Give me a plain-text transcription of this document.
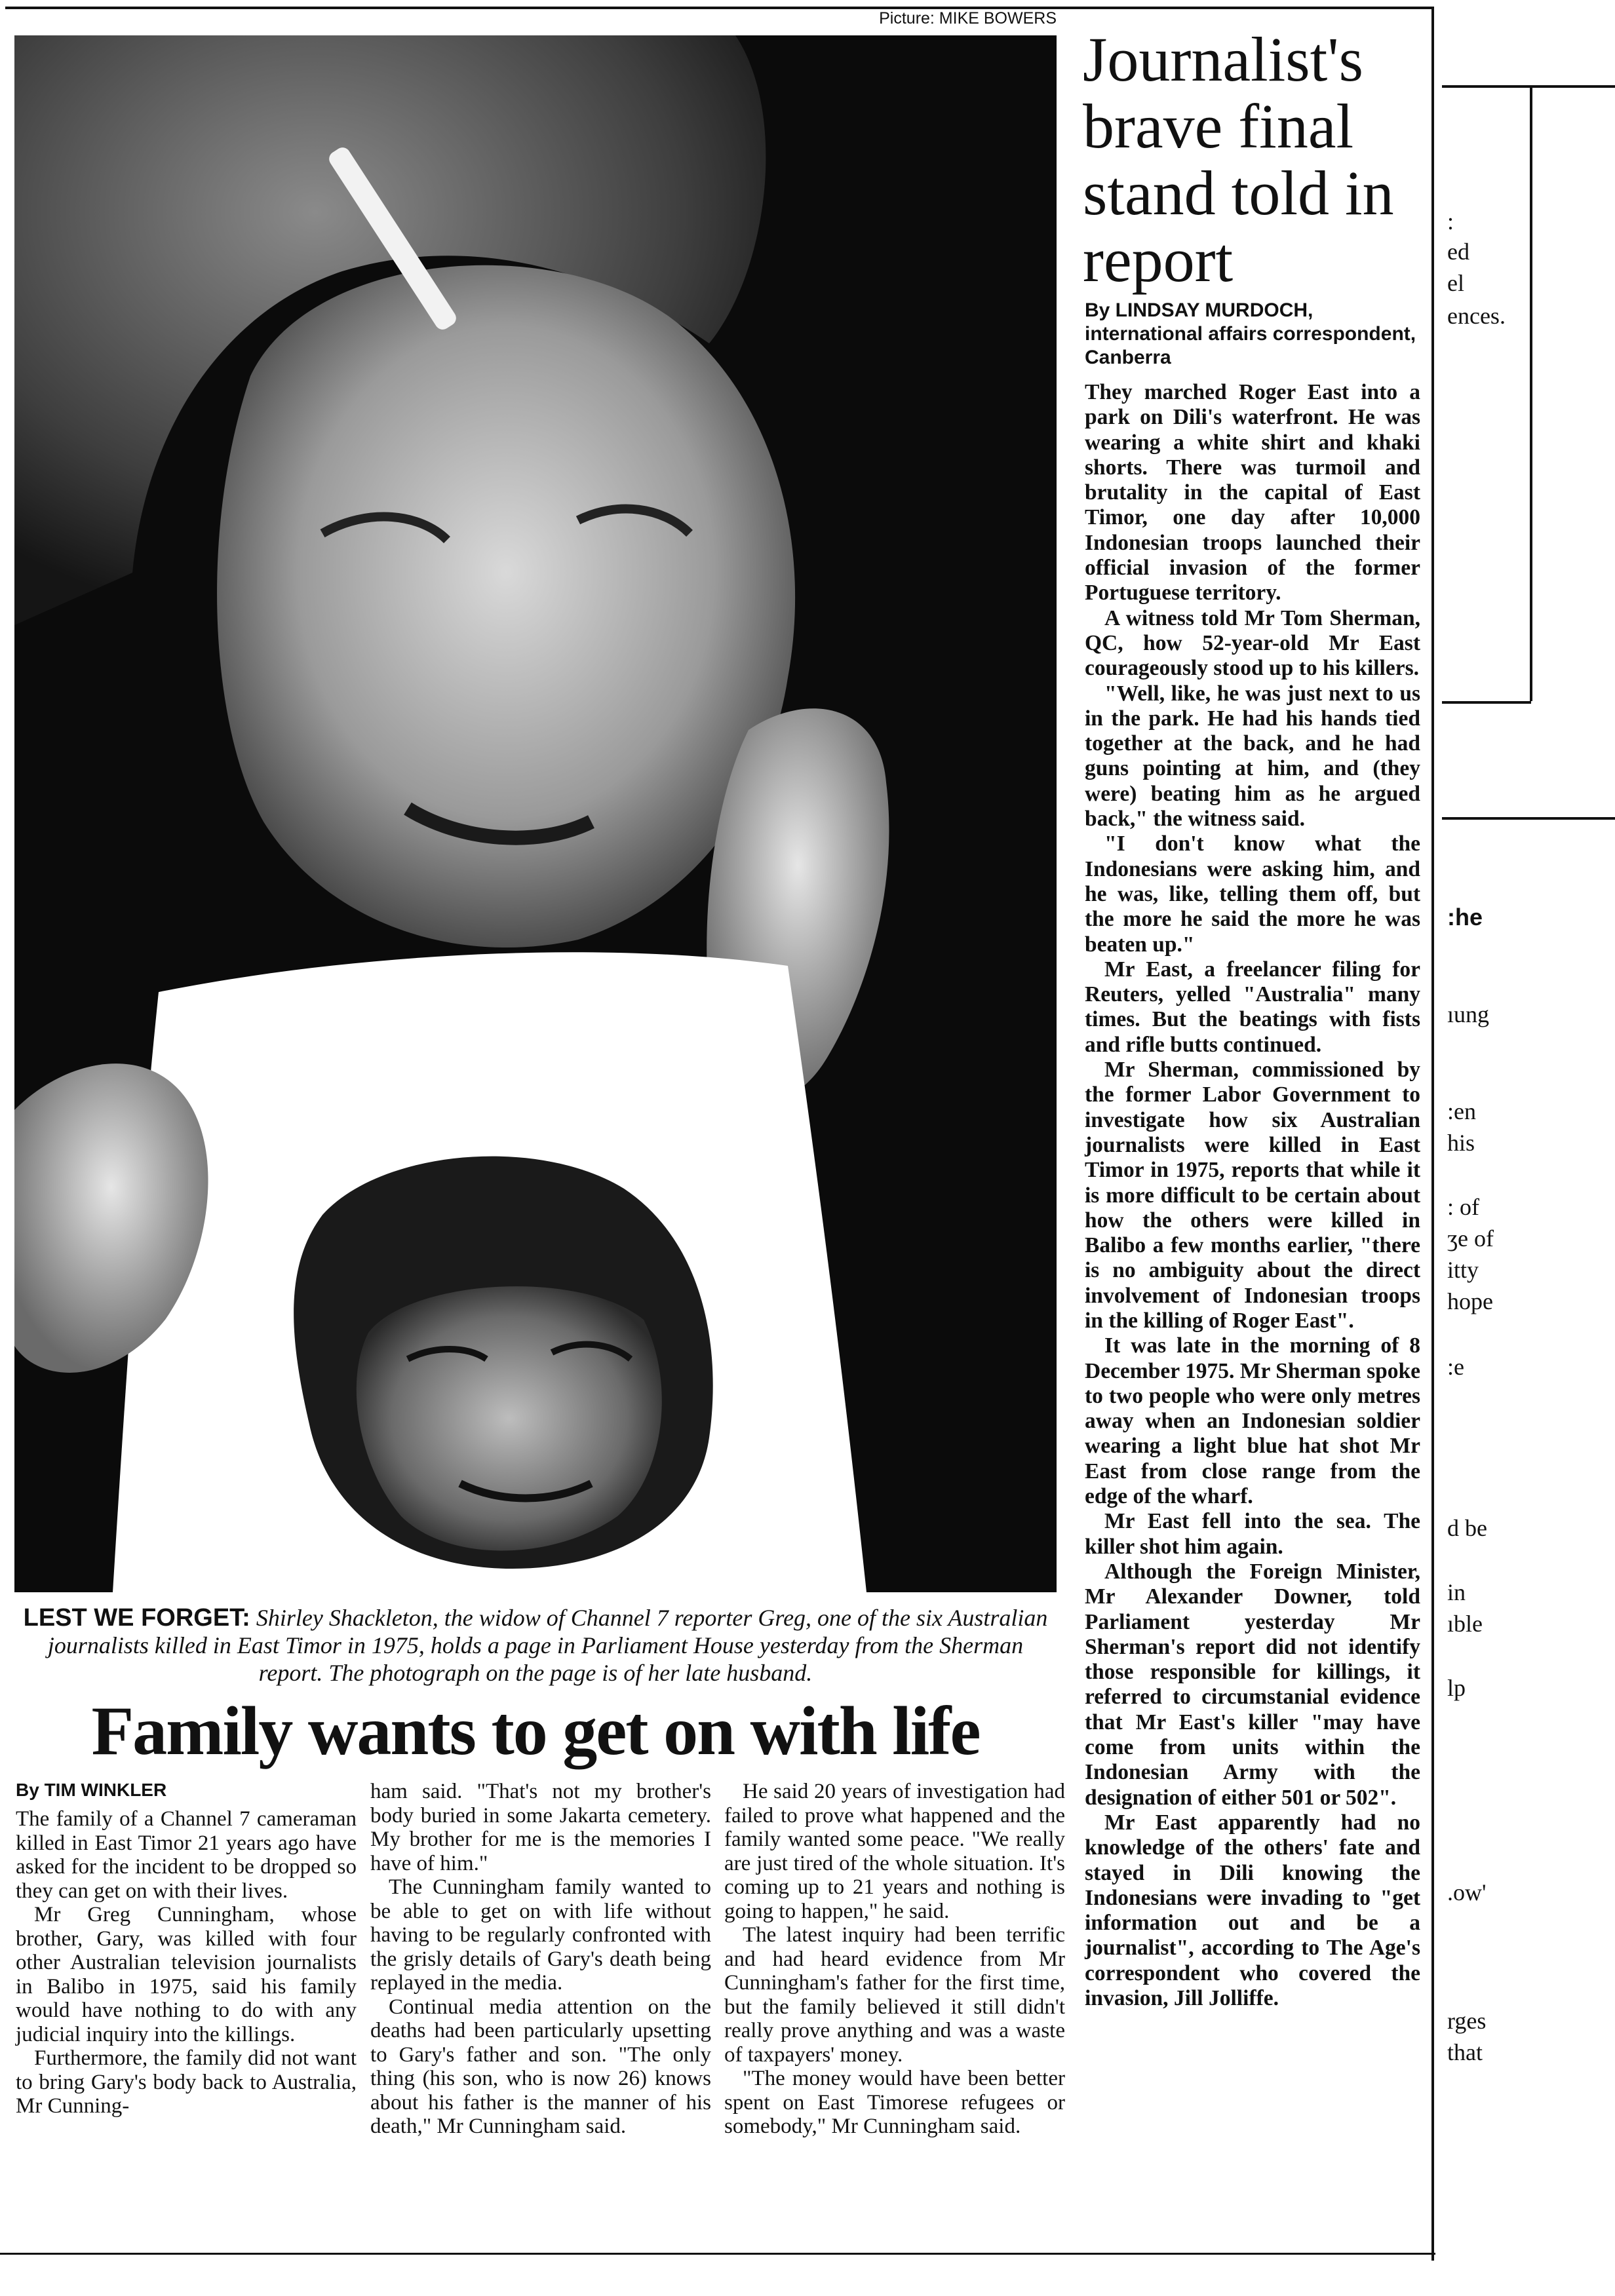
Picture: MIKE BOWERS
LEST WE FORGET: Shirley Shackleton, the widow of Channel 7 reporter Greg, one of the six Australian journalists killed in East Timor in 1975, holds a page in Parliament House yesterday from the Sherman report. The photograph on the page is of her late husband.
Family wants to get on with life
By TIM WINKLER

The family of a Channel 7 cameraman killed in East Timor 21 years ago have asked for the incident to be dropped so they can get on with their lives.

Mr Greg Cunningham, whose brother, Gary, was killed with four other Australian television journalists in Balibo in 1975, said his family would have nothing to do with any judicial inquiry into the killings.

Furthermore, the family did not want to bring Gary's body back to Australia, Mr Cunning-

ham said. "That's not my brother's body buried in some Jakarta cemetery. My brother for me is the memories I have of him."

The Cunningham family wanted to be able to get on with life without having to be regularly confronted with the grisly details of Gary's death being replayed in the media.

Continual media attention on the deaths had been particularly upsetting to Gary's father and son. "The only thing (his son, who is now 26) knows about his father is the manner of his death," Mr Cunningham said.

He said 20 years of investigation had failed to prove what happened and the family wanted some peace. "We really are just tired of the whole situation. It's coming up to 21 years and nothing is going to happen," he said.

The latest inquiry had been terrific and had heard evidence from Mr Cunningham's father for the first time, but the family believed it still didn't really prove anything and was a waste of taxpayers' money.

"The money would have been better spent on East Timorese refugees or somebody," Mr Cunningham said.

Journalist's brave final stand told in report
By LINDSAY MURDOCH, international affairs correspondent, Canberra

They marched Roger East into a park on Dili's waterfront. He was wearing a white shirt and khaki shorts. There was turmoil and brutality in the capital of East Timor, one day after 10,000 Indonesian troops launched their official invasion of the former Portuguese territory.

A witness told Mr Tom Sherman, QC, how 52-year-old Mr East courageously stood up to his killers.

"Well, like, he was just next to us in the park. He had his hands tied together at the back, and he had guns pointing at him, and (they were) beating him as he argued back," the witness said.

"I don't know what the Indonesians were asking him, and he was, like, telling them off, but the more he said the more he was beaten up."

Mr East, a freelancer filing for Reuters, yelled "Australia" many times. But the beatings with fists and rifle butts continued.

Mr Sherman, commissioned by the former Labor Government to investigate how six Australian journalists were killed in East Timor in 1975, reports that while it is more difficult to be certain about how the others were killed in Balibo a few months earlier, "there is no ambiguity about the direct involvement of Indonesian troops in the killing of Roger East".

It was late in the morning of 8 December 1975. Mr Sherman spoke to two people who were only metres away when an Indonesian soldier wearing a light blue hat shot Mr East from close range from the edge of the wharf.

Mr East fell into the sea. The killer shot him again.

Although the Foreign Minister, Mr Alexander Downer, told Parliament yesterday Mr Sherman's report did not identify those responsible for killings, it referred to circumstanial evidence that Mr East's killer "may have come from units within the Indonesian Army with the designation of either 501 or 502".

Mr East apparently had no knowledge of the others' fate and stayed in Dili knowing the Indonesians were invading to "get information out and be a journalist", according to The Age's correspondent who covered the invasion, Jill Jolliffe.

:
ed
el
ences.
:he
ıung
:en
his
: of
ʒe of
itty
hope
:e
d be
in
ıble
lp
.ow'
rges
that
